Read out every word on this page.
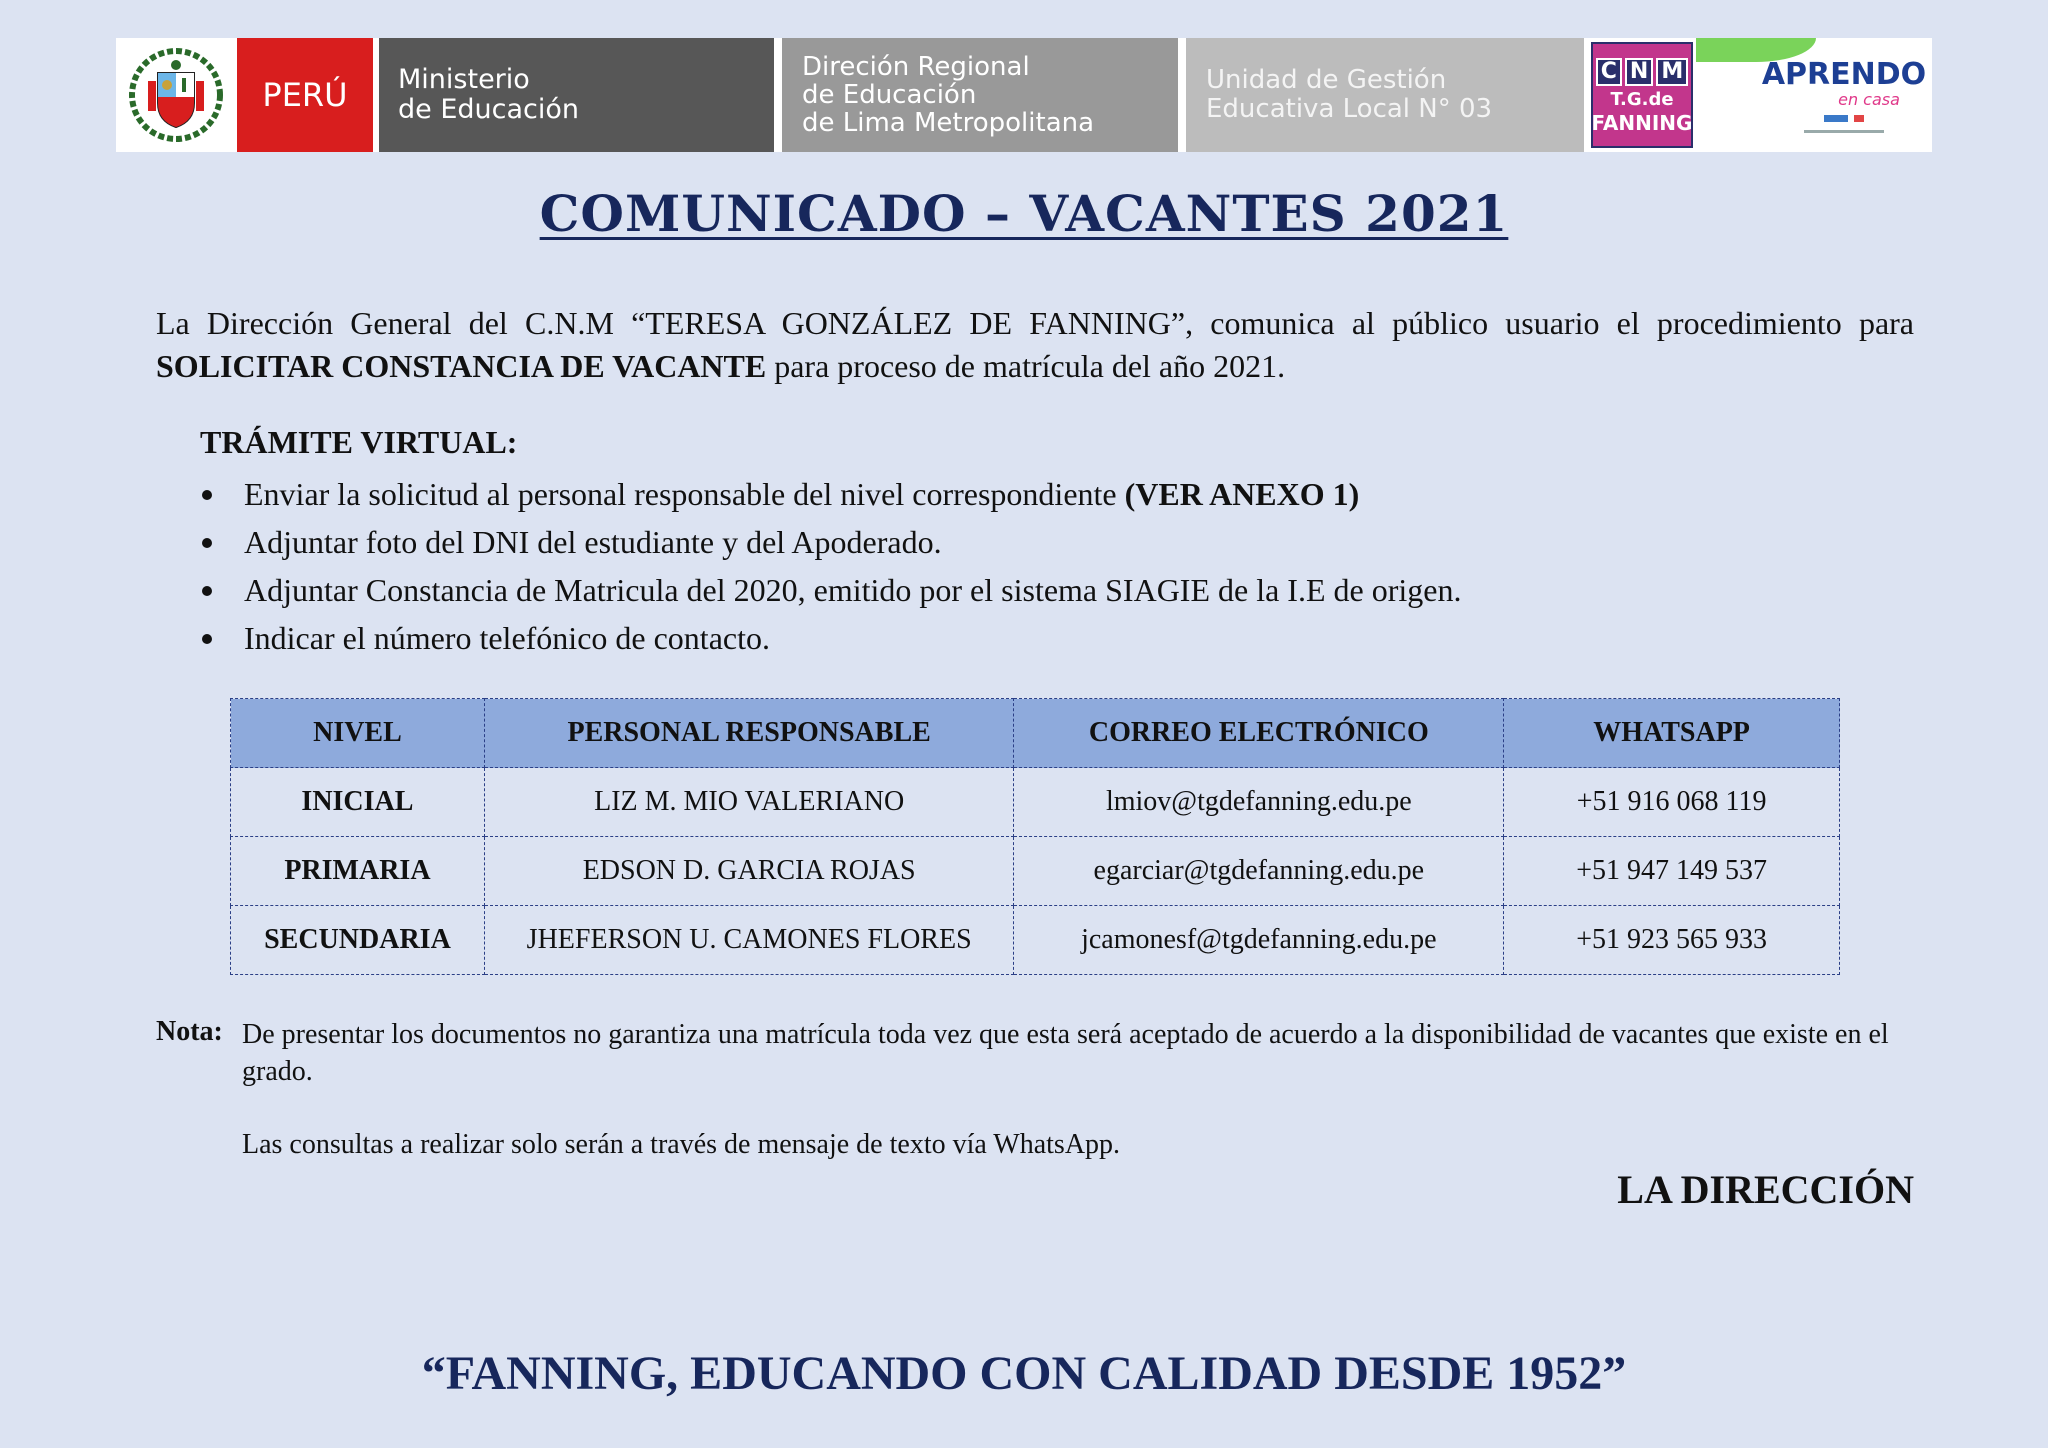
PERÚ	Ministerio
de Educación
Direción Regional
de Educación
de Lima Metropolitana
Unidad de Gestión
Educativa Local N° 03
C N M
T.G.de
FANNING
APRENDO
en casa
COMUNICADO – VACANTES 2021

La Dirección General del C.N.M “TERESA GONZÁLEZ DE FANNING”, comunica al público usuario el procedimiento para SOLICITAR CONSTANCIA DE VACANTE para proceso de matrícula del año 2021.

TRÁMITE VIRTUAL:
Enviar la solicitud al personal responsable del nivel correspondiente (VER ANEXO 1)
Adjuntar foto del DNI del estudiante y del Apoderado.
Adjuntar Constancia de Matricula del 2020, emitido por el sistema SIAGIE de la I.E de origen.
Indicar el número telefónico de contacto.
NIVEL	PERSONAL RESPONSABLE	CORREO ELECTRÓNICO	WHATSAPP
INICIAL	LIZ M. MIO VALERIANO	lmiov@tgdefanning.edu.pe	+51 916 068 119
PRIMARIA	EDSON D. GARCIA ROJAS	egarciar@tgdefanning.edu.pe	+51 947 149 537
SECUNDARIA	JHEFERSON U. CAMONES FLORES	jcamonesf@tgdefanning.edu.pe	+51 923 565 933
Nota: De presentar los documentos no garantiza una matrícula toda vez que esta será aceptado de acuerdo a la disponibilidad de vacantes que existe en el grado.
Las consultas a realizar solo serán a través de mensaje de texto vía WhatsApp.
LA DIRECCIÓN
“FANNING, EDUCANDO CON CALIDAD DESDE 1952”
